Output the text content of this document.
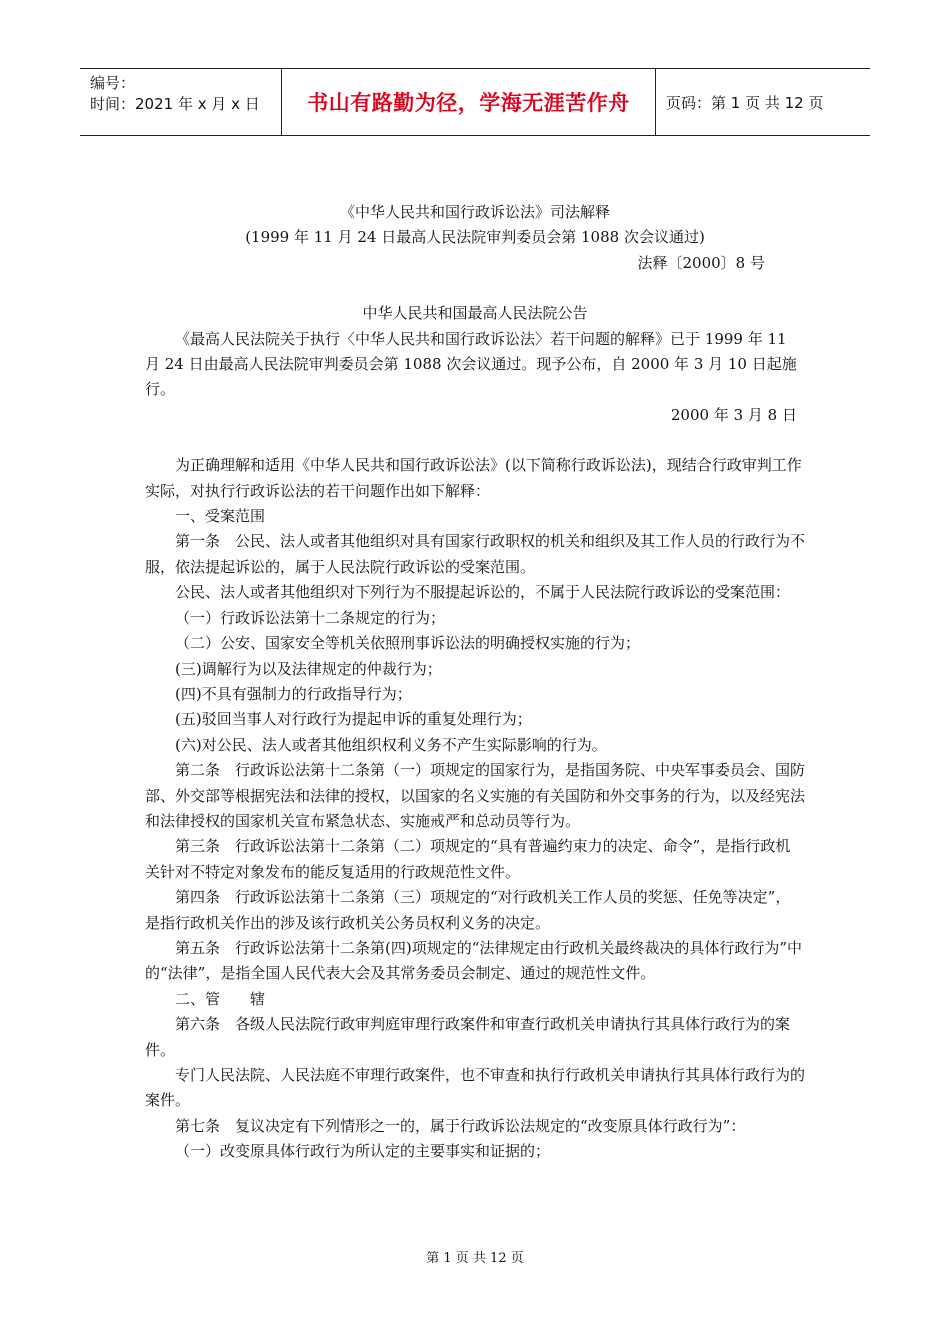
编号：
时间：2021 年 x 月 x 日	书山有路勤为径，学海无涯苦作舟	页码：第 1 页 共 12 页

《中华人民共和国行政诉讼法》司法解释

(1999 年 11 月 24 日最高人民法院审判委员会第 1088 次会议通过)

法释〔2000〕8 号

中华人民共和国最高人民法院公告

《最高人民法院关于执行〈中华人民共和国行政诉讼法〉若干问题的解释》已于 1999 年 11 月 24 日由最高人民法院审判委员会第 1088 次会议通过。现予公布，自 2000 年 3 月 10 日起施行。

2000 年 3 月 8 日

为正确理解和适用《中华人民共和国行政诉讼法》(以下简称行政诉讼法)，现结合行政审判工作实际，对执行行政诉讼法的若干问题作出如下解释：

一、受案范围

第一条　公民、法人或者其他组织对具有国家行政职权的机关和组织及其工作人员的行政行为不服，依法提起诉讼的，属于人民法院行政诉讼的受案范围。

公民、法人或者其他组织对下列行为不服提起诉讼的，不属于人民法院行政诉讼的受案范围：

（一）行政诉讼法第十二条规定的行为；

（二）公安、国家安全等机关依照刑事诉讼法的明确授权实施的行为；

(三)调解行为以及法律规定的仲裁行为；

(四)不具有强制力的行政指导行为；

(五)驳回当事人对行政行为提起申诉的重复处理行为；

(六)对公民、法人或者其他组织权利义务不产生实际影响的行为。

第二条　行政诉讼法第十二条第（一）项规定的国家行为，是指国务院、中央军事委员会、国防部、外交部等根据宪法和法律的授权，以国家的名义实施的有关国防和外交事务的行为，以及经宪法和法律授权的国家机关宣布紧急状态、实施戒严和总动员等行为。

第三条　行政诉讼法第十二条第（二）项规定的“具有普遍约束力的决定、命令”，是指行政机关针对不特定对象发布的能反复适用的行政规范性文件。

第四条　行政诉讼法第十二条第（三）项规定的“对行政机关工作人员的奖惩、任免等决定”，是指行政机关作出的涉及该行政机关公务员权利义务的决定。

第五条　行政诉讼法第十二条第(四)项规定的“法律规定由行政机关最终裁决的具体行政行为”中的“法律”，是指全国人民代表大会及其常务委员会制定、通过的规范性文件。

二、管　　辖

第六条　各级人民法院行政审判庭审理行政案件和审查行政机关申请执行其具体行政行为的案件。

专门人民法院、人民法庭不审理行政案件，也不审查和执行行政机关申请执行其具体行政行为的案件。

第七条　复议决定有下列情形之一的，属于行政诉讼法规定的“改变原具体行政行为”：

（一）改变原具体行政行为所认定的主要事实和证据的；

第 1 页 共 12 页
